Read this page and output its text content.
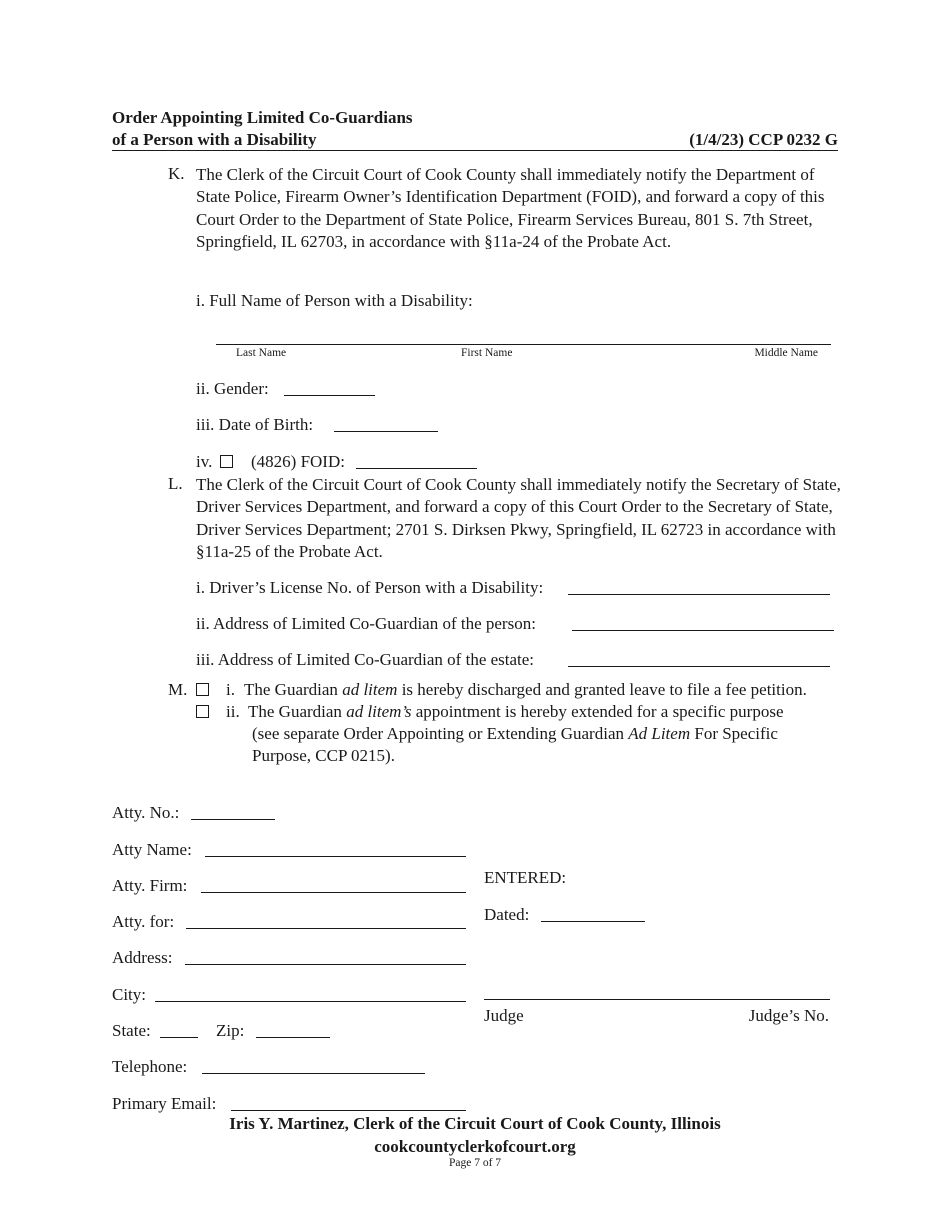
Order Appointing Limited Co-Guardians
of a Person with a Disability	(1/4/23) CCP 0232 G
K. The Clerk of the Circuit Court of Cook County shall immediately notify the Department of State Police, Firearm Owner’s Identification Department (FOID), and forward a copy of this Court Order to the Department of State Police, Firearm Services Bureau, 801 S. 7th Street, Springfield, IL 62703, in accordance with §11a-24 of the Probate Act.
i. Full Name of Person with a Disability:
Last Name	First Name	Middle Name
ii. Gender:
iii. Date of Birth:
iv. (4826) FOID:
L. The Clerk of the Circuit Court of Cook County shall immediately notify the Secretary of State, Driver Services Department, and forward a copy of this Court Order to the Secretary of State, Driver Services Department; 2701 S. Dirksen Pkwy, Springfield, IL 62723 in accordance with §11a-25 of the Probate Act.
i. Driver’s License No. of Person with a Disability:
ii. Address of Limited Co-Guardian of the person:
iii. Address of Limited Co-Guardian of the estate:
M. i. The Guardian ad litem is hereby discharged and granted leave to file a fee petition.
ii. The Guardian ad litem’s appointment is hereby extended for a specific purpose
(see separate Order Appointing or Extending Guardian Ad Litem For Specific
Purpose, CCP 0215).
Atty. No.:
Atty Name:
Atty. Firm:
Atty. for:
Address:
City:
State:	Zip:
Telephone:
Primary Email:
ENTERED:
Dated:
Judge	Judge’s No.
Iris Y. Martinez, Clerk of the Circuit Court of Cook County, Illinois
cookcountyclerkofcourt.org
Page 7 of 7
